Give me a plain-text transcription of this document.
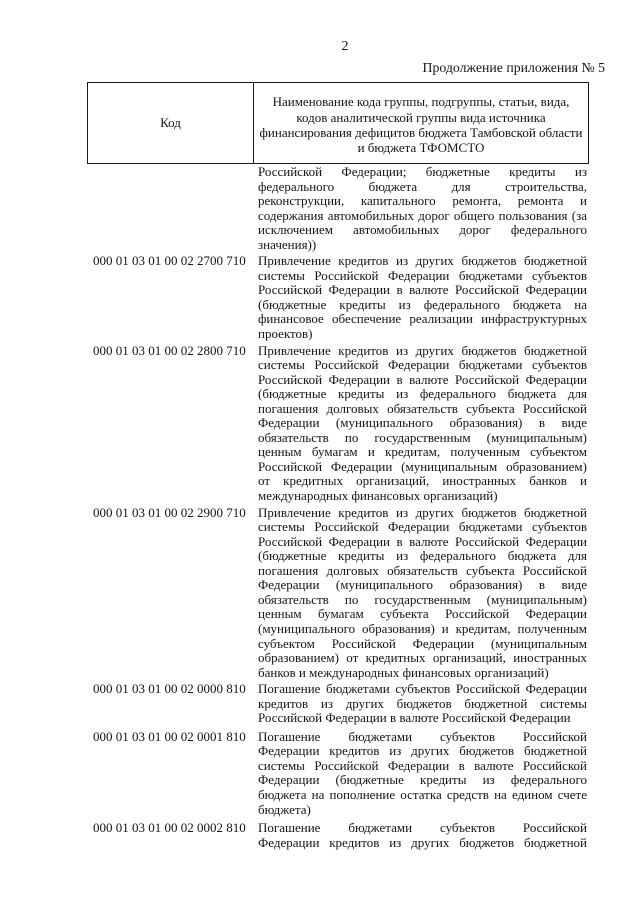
2
Продолжение приложения № 5
Код
Наименование кода группы, подгруппы, статьи, вида,
кодов аналитической группы вида источника
финансирования дефицитов бюджета Тамбовской области
и бюджета ТФОМСТО
Российской Федерации; бюджетные кредиты из
федерального бюджета для строительства,
реконструкции, капитального ремонта, ремонта и
содержания автомобильных дорог общего пользования (за
исключением автомобильных дорог федерального
значения))
000 01 03 01 00 02 2700 710 Привлечение кредитов из других бюджетов бюджетной
системы Российской Федерации бюджетами субъектов
Российской Федерации в валюте Российской Федерации
(бюджетные кредиты из федерального бюджета на
финансовое обеспечение реализации инфраструктурных
проектов)
000 01 03 01 00 02 2800 710 Привлечение кредитов из других бюджетов бюджетной
системы Российской Федерации бюджетами субъектов
Российской Федерации в валюте Российской Федерации
(бюджетные кредиты из федерального бюджета для
погашения долговых обязательств субъекта Российской
Федерации (муниципального образования) в виде
обязательств по государственным (муниципальным)
ценным бумагам и кредитам, полученным субъектом
Российской Федерации (муниципальным образованием)
от кредитных организаций, иностранных банков и
международных финансовых организаций)
000 01 03 01 00 02 2900 710 Привлечение кредитов из других бюджетов бюджетной
системы Российской Федерации бюджетами субъектов
Российской Федерации в валюте Российской Федерации
(бюджетные кредиты из федерального бюджета для
погашения долговых обязательств субъекта Российской
Федерации (муниципального образования) в виде
обязательств по государственным (муниципальным)
ценным бумагам субъекта Российской Федерации
(муниципального образования) и кредитам, полученным
субъектом Российской Федерации (муниципальным
образованием) от кредитных организаций, иностранных
банков и международных финансовых организаций)
000 01 03 01 00 02 0000 810 Погашение бюджетами субъектов Российской Федерации
кредитов из других бюджетов бюджетной системы
Российской Федерации в валюте Российской Федерации
000 01 03 01 00 02 0001 810 Погашение бюджетами субъектов Российской
Федерации кредитов из других бюджетов бюджетной
системы Российской Федерации в валюте Российской
Федерации (бюджетные кредиты из федерального
бюджета на пополнение остатка средств на едином счете
бюджета)
000 01 03 01 00 02 0002 810 Погашение бюджетами субъектов Российской
Федерации кредитов из других бюджетов бюджетной
